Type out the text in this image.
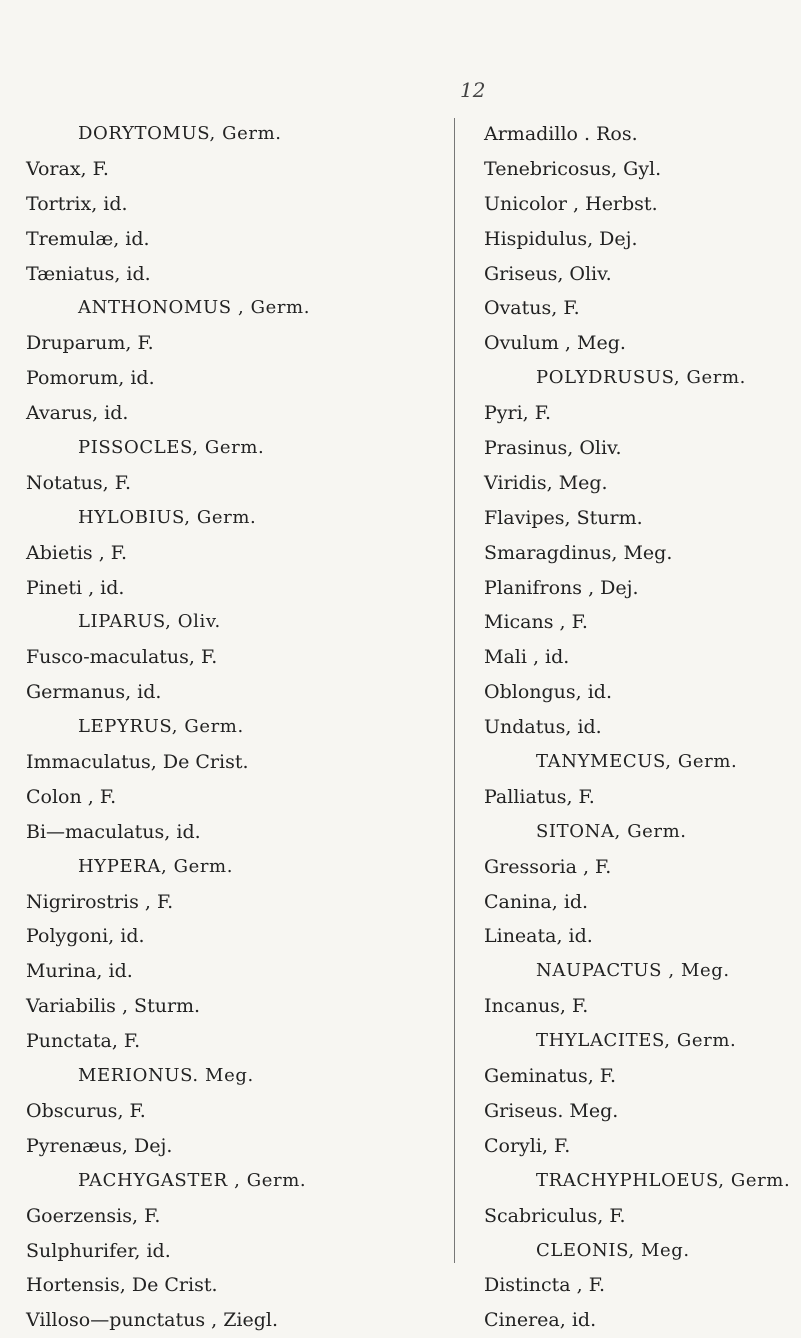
12
DORYTOMUS, Germ.
Vorax, F.
Tortrix, id.
Tremulæ, id.
Tæniatus, id.
ANTHONOMUS , Germ.
Druparum, F.
Pomorum, id.
Avarus, id.
PISSOCLES, Germ.
Notatus, F.
HYLOBIUS, Germ.
Abietis , F.
Pineti , id.
LIPARUS, Oliv.
Fusco-maculatus, F.
Germanus, id.
LEPYRUS, Germ.
Immaculatus, De Crist.
Colon , F.
Bi—maculatus, id.
HYPERA, Germ.
Nigrirostris , F.
Polygoni, id.
Murina, id.
Variabilis , Sturm.
Punctata, F.
MERIONUS. Meg.
Obscurus, F.
Pyrenæus, Dej.
PACHYGASTER , Germ.
Goerzensis, F.
Sulphurifer, id.
Hortensis, De Crist.
Villoso—punctatus , Ziegl.
Armadillo . Ros.
Tenebricosus, Gyl.
Unicolor , Herbst.
Hispidulus, Dej.
Griseus, Oliv.
Ovatus, F.
Ovulum , Meg.
POLYDRUSUS, Germ.
Pyri, F.
Prasinus, Oliv.
Viridis, Meg.
Flavipes, Sturm.
Smaragdinus, Meg.
Planifrons , Dej.
Micans , F.
Mali , id.
Oblongus, id.
Undatus, id.
TANYMECUS, Germ.
Palliatus, F.
SITONA, Germ.
Gressoria , F.
Canina, id.
Lineata, id.
NAUPACTUS , Meg.
Incanus, F.
THYLACITES, Germ.
Geminatus, F.
Griseus. Meg.
Coryli, F.
TRACHYPHLOEUS, Germ.
Scabriculus, F.
CLEONIS, Meg.
Distincta , F.
Cinerea, id.
